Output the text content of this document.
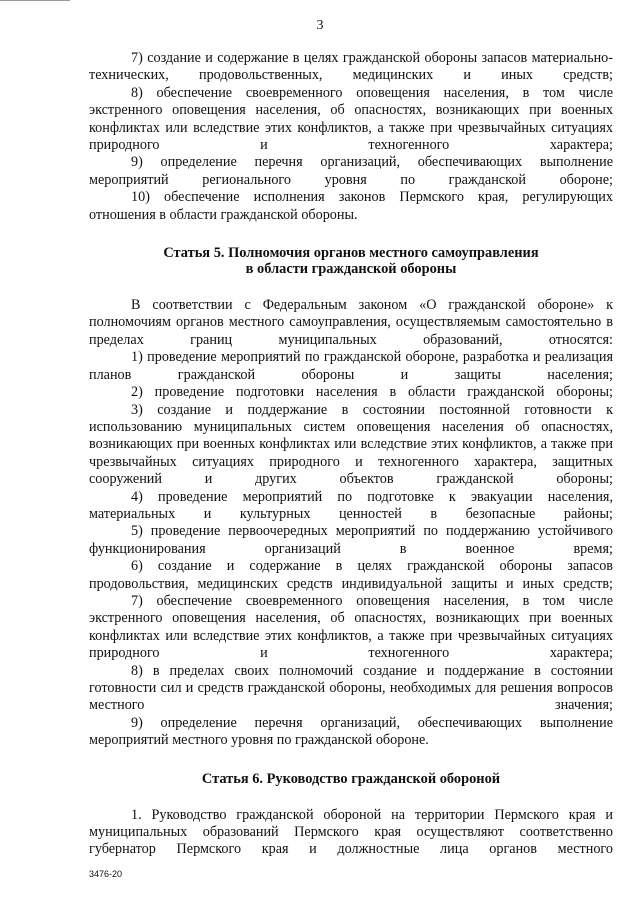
3

7) создание и содержание в целях гражданской обороны запасов материально-технических, продовольственных, медицинских и иных средств;

8) обеспечение своевременного оповещения населения, в том числе экстренного оповещения населения, об опасностях, возникающих при военных конфликтах или вследствие этих конфликтов, а также при чрезвычайных ситуациях природного и техногенного характера;

9) определение перечня организаций, обеспечивающих выполнение мероприятий регионального уровня по гражданской обороне;

10) обеспечение исполнения законов Пермского края, регулирующих отношения в области гражданской обороны.

Статья 5. Полномочия органов местного самоуправления

в области гражданской обороны

В соответствии с Федеральным законом «О гражданской обороне» к полномочиям органов местного самоуправления, осуществляемым самостоятельно в пределах границ муниципальных образований, относятся:

1) проведение мероприятий по гражданской обороне, разработка и реализация планов гражданской обороны и защиты населения;

2) проведение подготовки населения в области гражданской обороны;

3) создание и поддержание в состоянии постоянной готовности к использованию муниципальных систем оповещения населения об опасностях, возникающих при военных конфликтах или вследствие этих конфликтов, а также при чрезвычайных ситуациях природного и техногенного характера, защитных сооружений и других объектов гражданской обороны;

4) проведение мероприятий по подготовке к эвакуации населения, материальных и культурных ценностей в безопасные районы;

5) проведение первоочередных мероприятий по поддержанию устойчивого функционирования организаций в военное время;

6) создание и содержание в целях гражданской обороны запасов продовольствия, медицинских средств индивидуальной защиты и иных средств;

7) обеспечение своевременного оповещения населения, в том числе экстренного оповещения населения, об опасностях, возникающих при военных конфликтах или вследствие этих конфликтов, а также при чрезвычайных ситуациях природного и техногенного характера;

8) в пределах своих полномочий создание и поддержание в состоянии готовности сил и средств гражданской обороны, необходимых для решения вопросов местного значения;

9) определение перечня организаций, обеспечивающих выполнение мероприятий местного уровня по гражданской обороне.

Статья 6. Руководство гражданской обороной

1. Руководство гражданской обороной на территории Пермского края и муниципальных образований Пермского края осуществляют соответственно губернатор Пермского края и должностные лица органов местного

3476-20
